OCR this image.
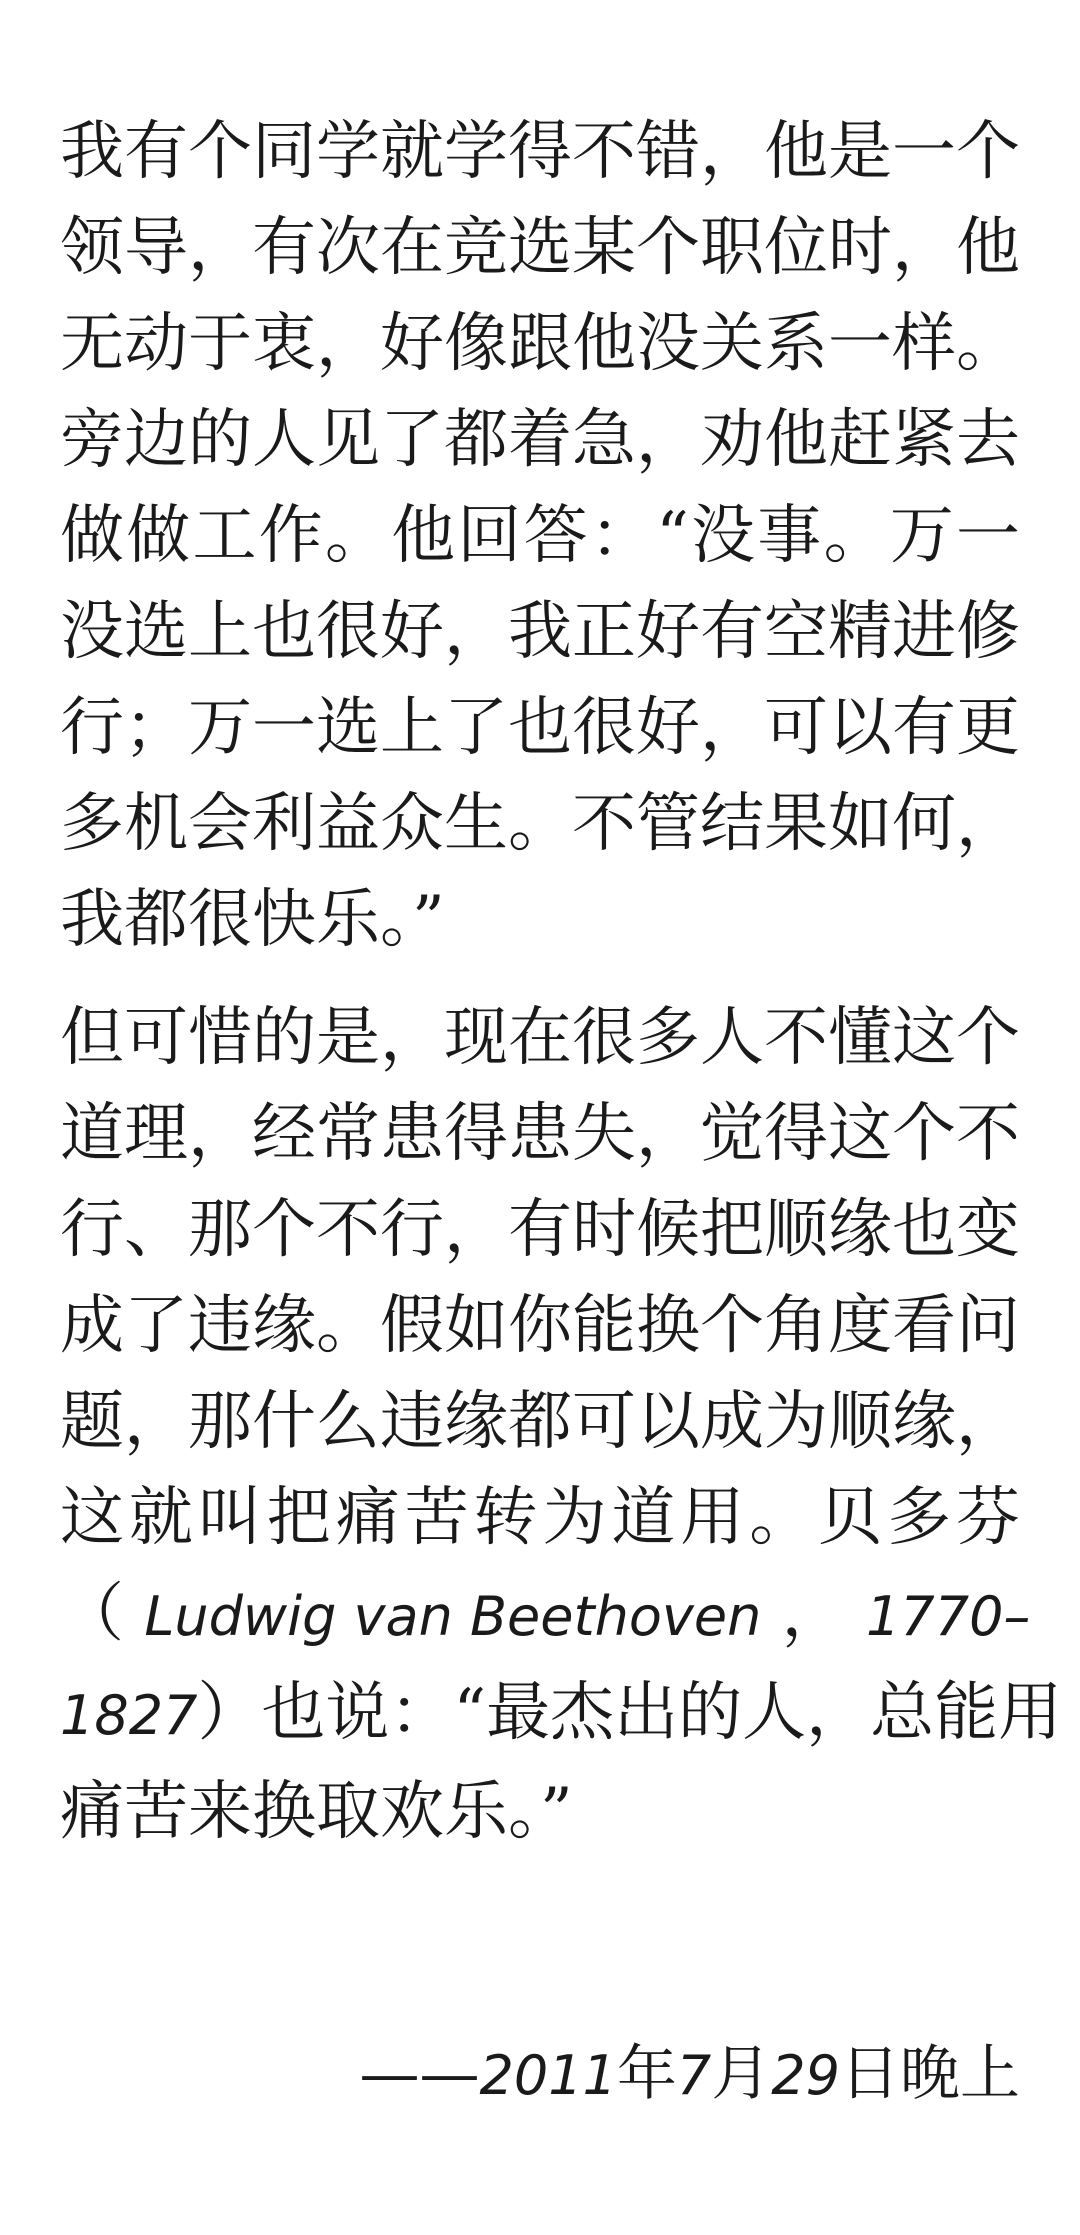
我有个同学就学得不错，他是一个
领导，有次在竞选某个职位时，他
无动于衷，好像跟他没关系一样。
旁边的人见了都着急，劝他赶紧去
做做工作。他回答：“没事。万一
没选上也很好，我正好有空精进修
行；万一选上了也很好，可以有更
多机会利益众生。不管结果如何，
我都很快乐。”

但可惜的是，现在很多人不懂这个
道理，经常患得患失，觉得这个不
行、那个不行，有时候把顺缘也变
成了违缘。假如你能换个角度看问
题，那什么违缘都可以成为顺缘，
这就叫把痛苦转为道用。贝多芬
（ Ludwig van Beethoven ， 1770–
1827）也说：“最杰出的人，总能用
痛苦来换取欢乐。”

——2011年7月29日晚上
